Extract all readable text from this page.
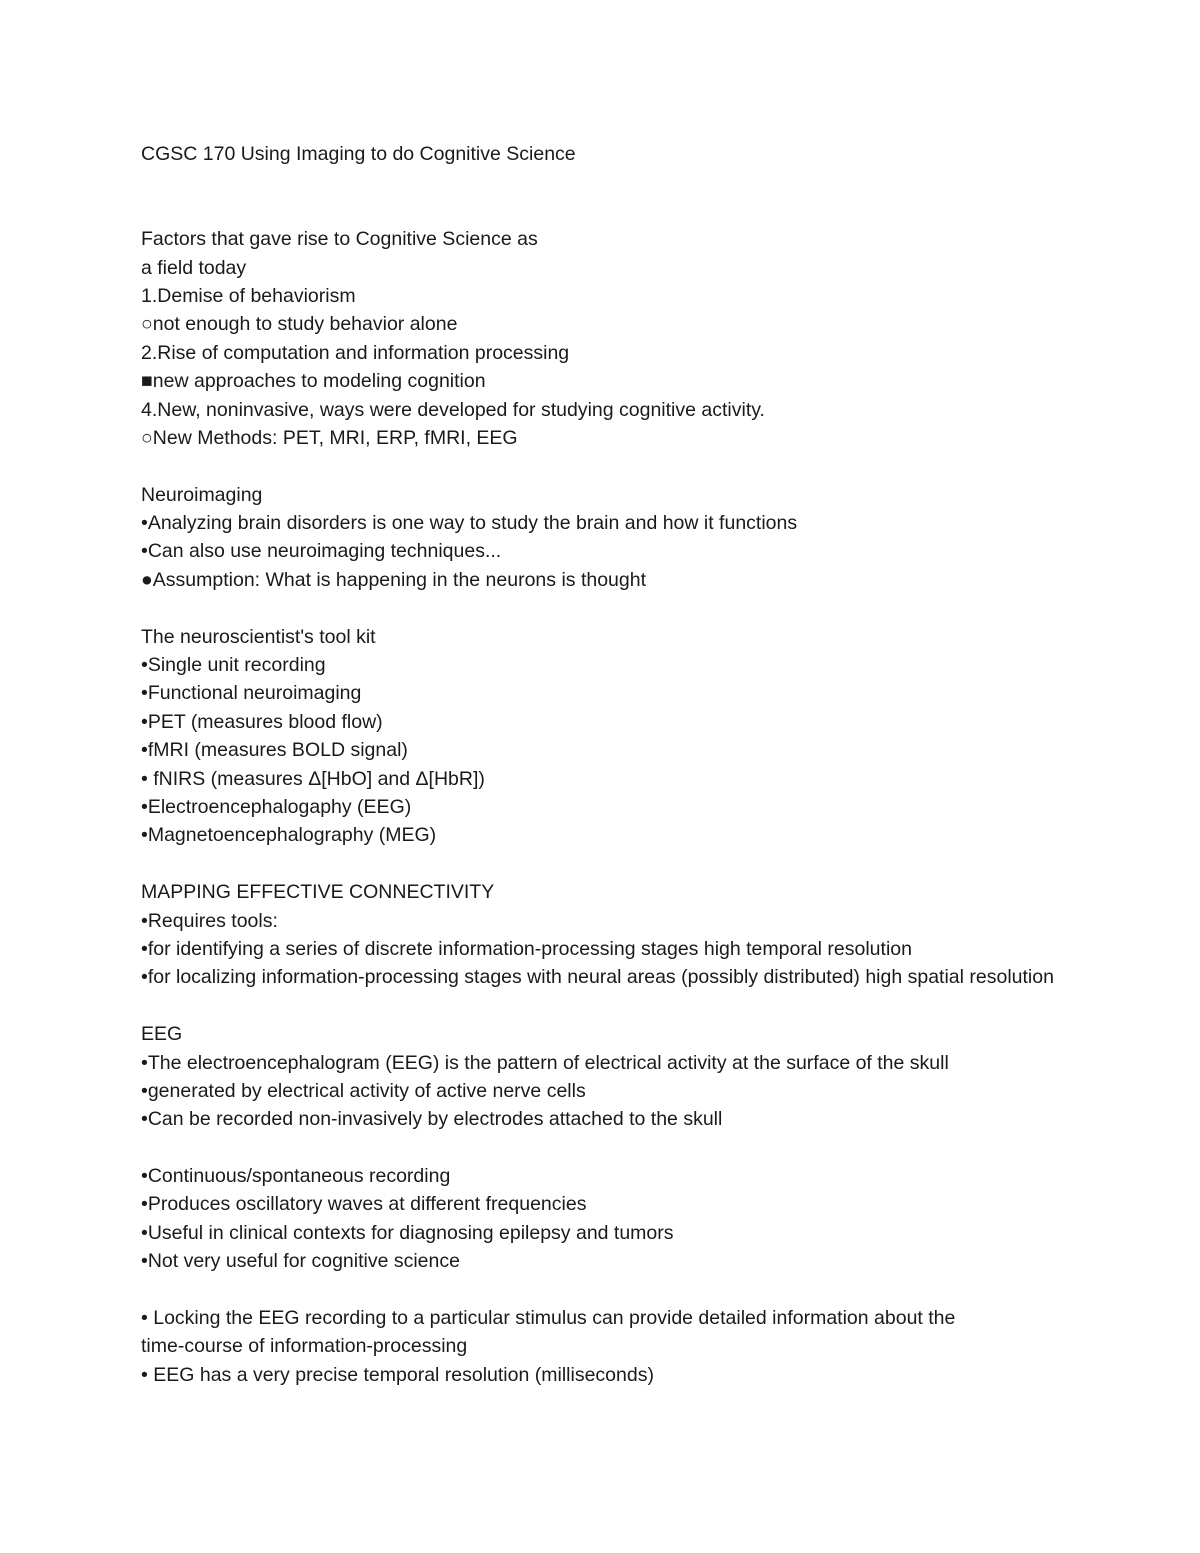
CGSC 170 Using Imaging to do Cognitive Science
Factors that gave rise to Cognitive Science as
a field today
1.Demise of behaviorism
○not enough to study behavior alone
2.Rise of computation and information processing
■new approaches to modeling cognition
4.New, noninvasive, ways were developed for studying cognitive activity.
○New Methods: PET, MRI, ERP, fMRI, EEG
Neuroimaging
•Analyzing brain disorders is one way to study the brain and how it functions
•Can also use neuroimaging techniques...
●Assumption: What is happening in the neurons is thought
The neuroscientist's tool kit
•Single unit recording
•Functional neuroimaging
•PET (measures blood flow)
•fMRI (measures BOLD signal)
• fNIRS (measures Δ[HbO] and Δ[HbR])
•Electroencephalogaphy (EEG)
•Magnetoencephalography (MEG)
MAPPING EFFECTIVE CONNECTIVITY
•Requires tools:
•for identifying a series of discrete information-processing stages high temporal resolution
•for localizing information-processing stages with neural areas (possibly distributed) high spatial resolution
EEG
•The electroencephalogram (EEG) is the pattern of electrical activity at the surface of the skull
•generated by electrical activity of active nerve cells
•Can be recorded non-invasively by electrodes attached to the skull
•Continuous/spontaneous recording
•Produces oscillatory waves at different frequencies
•Useful in clinical contexts for diagnosing epilepsy and tumors
•Not very useful for cognitive science
• Locking the EEG recording to a particular stimulus can provide detailed information about the
time-course of information-processing
• EEG has a very precise temporal resolution (milliseconds)
